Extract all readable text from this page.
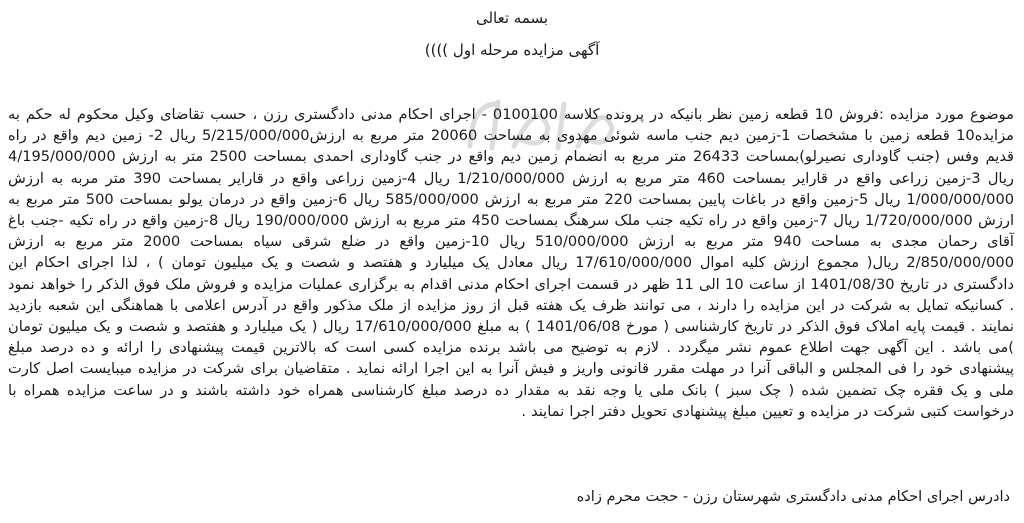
بسمه تعالی
آگهی مزایده مرحله اول ))))
موضوع مورد مزایده :فروش 10 قطعه زمین نظر بانیکه در پرونده کلاسه 0100100 - اجرای احکام مدنی دادگستری رزن ، حسب تقاضای وکیل محکوم له حکم به مزایده10 قطعه زمین با مشخصات 1-زمین دیم جنب ماسه شوئی مهدوی به مساحت 20060 متر مربع به ارزش5/215/000/000 ریال 2- زمین دیم واقع در راه قدیم وفس (جنب گاوداری نصیرلو)بمساحت 26433 متر مربع به انضمام زمین دیم واقع در جنب گاوداری احمدی بمساحت 2500 متر به ارزش 4/195/000/000 ریال 3-زمین زراعی واقع در قارایر بمساحت 460 متر مربع به ارزش 1/210/000/000 ریال 4-زمین زراعی واقع در قارایر بمساحت 390 متر مربه به ارزش 1/000/000/000 ریال 5-زمین واقع در باغات پایین بمساحت 220 متر مربع به ارزش 585/000/000 ریال 6-زمین واقع در درمان یولو بمساحت 500 متر مربع به ارزش 1/720/000/000 ریال 7-زمین واقع در راه تکیه جنب ملک سرهنگ بمساحت 450 متر مربع به ارزش 190/000/000 ریال 8-زمین واقع در راه تکیه -جنب باغ آقای رحمان مجدی به مساحت 940 متر مربع به ارزش 510/000/000 ریال 10-زمین واقع در ضلع شرقی سیاه بمساحت 2000 متر مربع به ارزش 2/850/000/000 ریال( مجموع ارزش کلیه اموال 17/610/000/000 ریال معادل یک میلیارد و هفتصد و شصت و یک میلیون تومان ) ، لذا اجرای احکام این دادگستری در تاریخ 1401/08/30 از ساعت 10 الی 11 ظهر در قسمت اجرای احکام مدنی اقدام به برگزاری عملیات مزایده و فروش ملک فوق الذکر را خواهد نمود . کسانیکه تمایل به شرکت در این مزایده را دارند ، می توانند ظرف یک هفته قبل از روز مزایده از ملک مذکور واقع در آدرس اعلامی با هماهنگی این شعبه بازدید نمایند . قیمت پایه املاک فوق الذکر در تاریخ کارشناسی ( مورخ 1401/06/08 ) به مبلغ 17/610/000/000 ریال ( یک میلیارد و هفتصد و شصت و یک میلیون تومان )می باشد . این آگهی جهت اطلاع عموم نشر میگردد . لازم به توضیح می باشد برنده مزایده کسی است که بالاترین قیمت پیشنهادی را ارائه و ده درصد مبلغ پیشنهادی خود را فی المجلس و الباقی آنرا در مهلت مقرر قانونی واریز و فیش آنرا به این اجرا ارائه نماید . متقاضیان برای شرکت در مزایده میبایست اصل کارت ملی و یک فقره چک تضمین شده ( چک سبز ) بانک ملی یا وجه نقد به مقدار ده درصد مبلغ کارشناسی همراه خود داشته باشند و در ساعت مزایده همراه با درخواست کتبی شرکت در مزایده و تعیین مبلغ پیشنهادی تحویل دفتر اجرا نمایند .
دادرس اجرای احکام مدنی دادگستری شهرستان رزن - حجت محرم زاده
